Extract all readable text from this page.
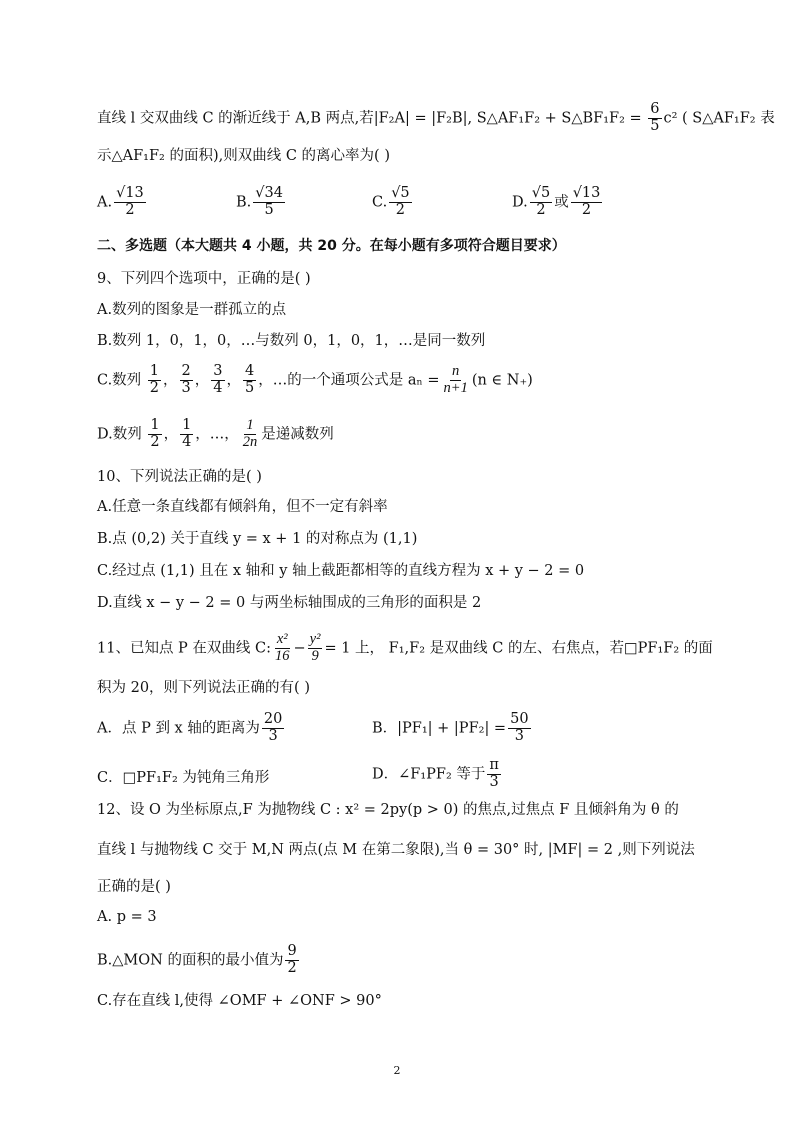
直线 l 交双曲线 C 的渐近线于 A,B 两点,若|F₂A| = |F₂B|, S△AF₁F₂ + S△BF₁F₂ = $\frac{6}{5} c^2$ ( S△AF₁F₂ 表
示△AF₁F₂ 的面积),则双曲线 C 的离心率为( )
A. $\frac{√13}{2}$	B. $\frac{√34}{5}$	C. $\frac{√5}{2}$	D. $\frac{√5}{2}$ 或 $\frac{√13}{2}$
二、多选题（本大题共 4 小题，共 20 分。在每小题有多项符合题目要求）
9、下列四个选项中，正确的是( )
A.数列的图象是一群孤立的点
B.数列 1，0，1，0，…与数列 0，1，0，1，…是同一数列
C.数列 $\frac{1}{2}$ ， $\frac{2}{3}$ ， $\frac{3}{4}$ ， $\frac{4}{5}$ ，…的一个通项公式是 $a_n = \frac{n}{n+1} (n$ ∈ N₊)
D.数列 $\frac{1}{2}$ ， $\frac{1}{4}$ ，…， $\frac{1}{2n}$ 是递减数列
10、下列说法正确的是( )
A.任意一条直线都有倾斜角，但不一定有斜率
B.点 (0,2) 关于直线 y = x + 1 的对称点为 (1,1)
C.经过点 (1,1) 且在 x 轴和 y 轴上截距都相等的直线方程为 x + y − 2 = 0
D.直线 x − y − 2 = 0 与两坐标轴围成的三角形的面积是 2
11、已知点 P 在双曲线 C: $\frac{\text{x²}}{16} - \frac{\text{y²}}{9} = 1$ 上， F₁,F₂ 是双曲线 C 的左、右焦点，若□PF₁F₂ 的面
积为 20，则下列说法正确的有( )
A．点 P 到 x 轴的距离为 $\frac{20}{3}$	B．$|PF_1| + |PF_2| = \frac{50}{3}$
C．□PF₁F₂ 为钝角三角形	D．∠F₁PF₂ 等于 $\frac{\pi}{3}$
12、设 O 为坐标原点,F 为抛物线 C : x² = 2py(p > 0) 的焦点,过焦点 F 且倾斜角为 θ 的
直线 l 与抛物线 C 交于 M,N 两点(点 M 在第二象限),当 θ = 30° 时, |MF| = 2 ,则下列说法
正确的是( )
A. p = 3
B.△MON 的面积的最小值为 $\frac{9}{2}$
C.存在直线 l,使得 ∠OMF + ∠ONF > 90°
2
